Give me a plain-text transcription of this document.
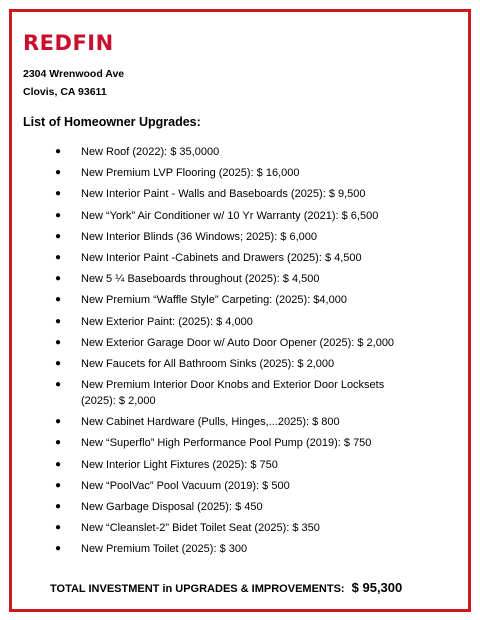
REDFIN
2304 Wrenwood Ave
Clovis, CA 93611
List of Homeowner Upgrades:
● New Roof (2022): $ 35,0000
● New Premium LVP Flooring (2025): $ 16,000
● New Interior Paint - Walls and Baseboards (2025): $ 9,500
● New “York” Air Conditioner w/ 10 Yr Warranty (2021): $ 6,500
● New Interior Blinds (36 Windows; 2025): $ 6,000
● New Interior Paint -Cabinets and Drawers (2025): $ 4,500
● New 5 ¼ Baseboards throughout (2025): $ 4,500
● New Premium “Waffle Style” Carpeting: (2025): $4,000
● New Exterior Paint: (2025): $ 4,000
● New Exterior Garage Door w/ Auto Door Opener (2025): $ 2,000
● New Faucets for All Bathroom Sinks (2025): $ 2,000
● New Premium Interior Door Knobs and Exterior Door Locksets (2025): $ 2,000
● New Cabinet Hardware (Pulls, Hinges,...2025): $ 800
● New “Superflo” High Performance Pool Pump (2019): $ 750
● New Interior Light Fixtures (2025): $ 750
● New “PoolVac” Pool Vacuum (2019): $ 500
● New Garbage Disposal (2025): $ 450
● New “Cleanslet-2” Bidet Toilet Seat (2025): $ 350
● New Premium Toilet (2025): $ 300
TOTAL INVESTMENT in UPGRADES & IMPROVEMENTS: $ 95,300
